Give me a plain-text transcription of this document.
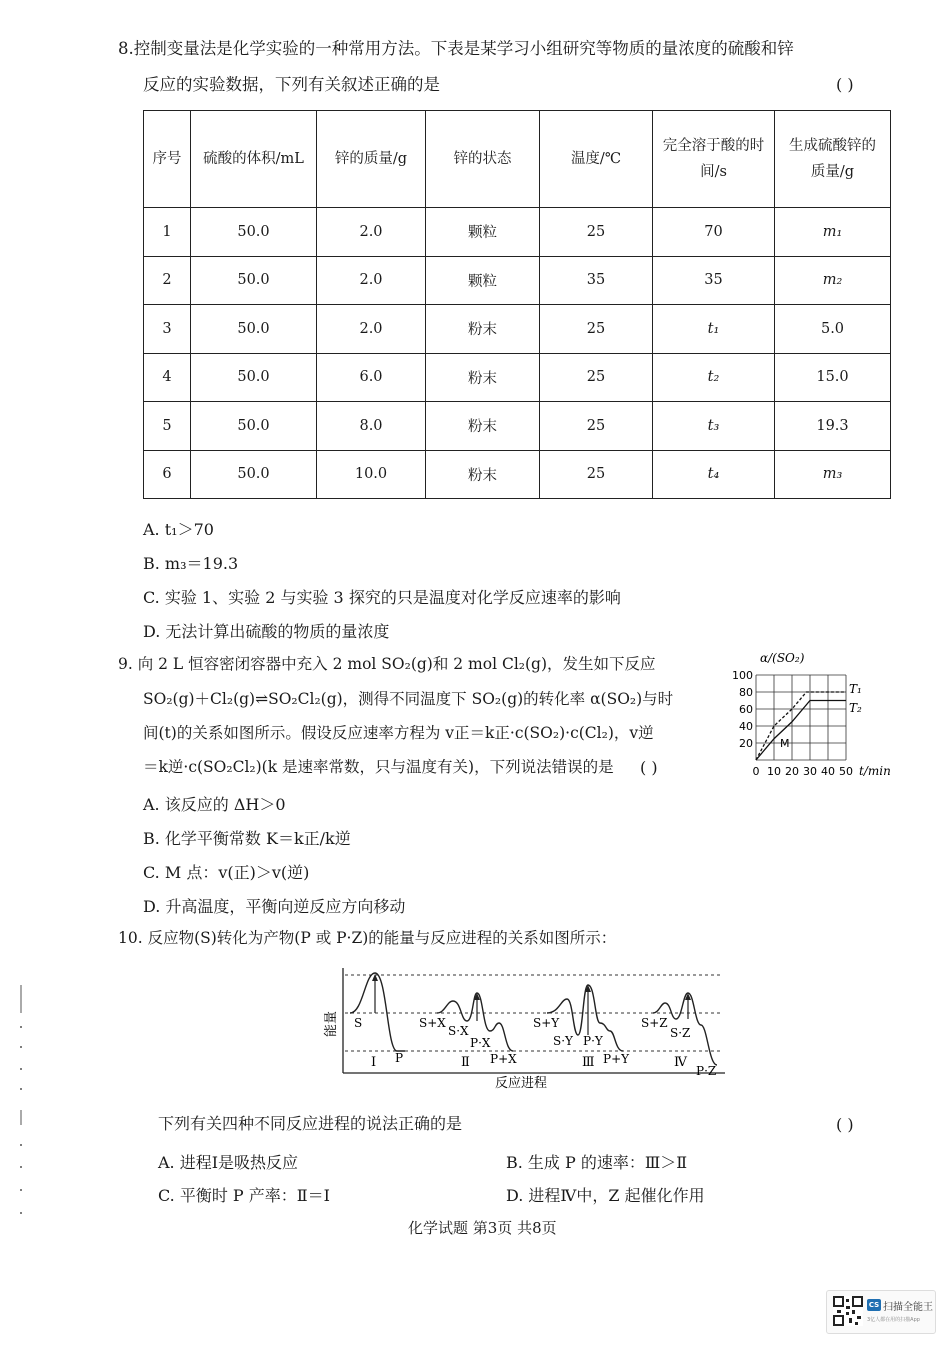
8.控制变量法是化学实验的一种常用方法。下表是某学习小组研究等物质的量浓度的硫酸和锌
反应的实验数据，下列有关叙述正确的是	( )
序号	硫酸的体积/mL	锌的质量/g	锌的状态	温度/℃	完全溶于酸的时间/s	生成硫酸锌的质量/g
1	50.0	2.0	颗粒	25	70	m₁
2	50.0	2.0	颗粒	35	35	m₂
3	50.0	2.0	粉末	25	t₁	5.0
4	50.0	6.0	粉末	25	t₂	15.0
5	50.0	8.0	粉末	25	t₃	19.3
6	50.0	10.0	粉末	25	t₄	m₃
A. t₁＞70
B. m₃＝19.3
C. 实验 1、实验 2 与实验 3 探究的只是温度对化学反应速率的影响
D. 无法计算出硫酸的物质的量浓度
9. 向 2 L 恒容密闭容器中充入 2 mol SO₂(g)和 2 mol Cl₂(g)，发生如下反应
SO₂(g)＋Cl₂(g)⇌SO₂Cl₂(g)，测得不同温度下 SO₂(g)的转化率 α(SO₂)与时
间(t)的关系如图所示。假设反应速率方程为 v正＝k正·c(SO₂)·c(Cl₂)，v逆
＝k逆·c(SO₂Cl₂)(k 是速率常数，只与温度有关)，下列说法错误的是 ( )
α/(SO₂)
100
80
60
40
20
0 10 20 30 40 50 t/min
T₁
T₂
M
A. 该反应的 ΔH＞0
B. 化学平衡常数 K＝k正/k逆
C. M 点：v(正)＞v(逆)
D. 升高温度，平衡向逆反应方向移动
10. 反应物(S)转化为产物(P 或 P·Z)的能量与反应进程的关系如图所示：
能量 S
P
Ⅰ
S+X
S·X
P·X
P+X
Ⅱ
S+Y
S·Y P·Y
P+Y
Ⅲ
S+Z
S·Z
Ⅳ
P·Z
反应进程
下列有关四种不同反应进程的说法正确的是	( )
A. 进程Ⅰ是吸热反应	B. 生成 P 的速率：Ⅲ＞Ⅱ
C. 平衡时 P 产率：Ⅱ＝Ⅰ	D. 进程Ⅳ中，Z 起催化作用
化学试题 第3页 共8页
CS 扫描全能王
3亿人都在用的扫描App
